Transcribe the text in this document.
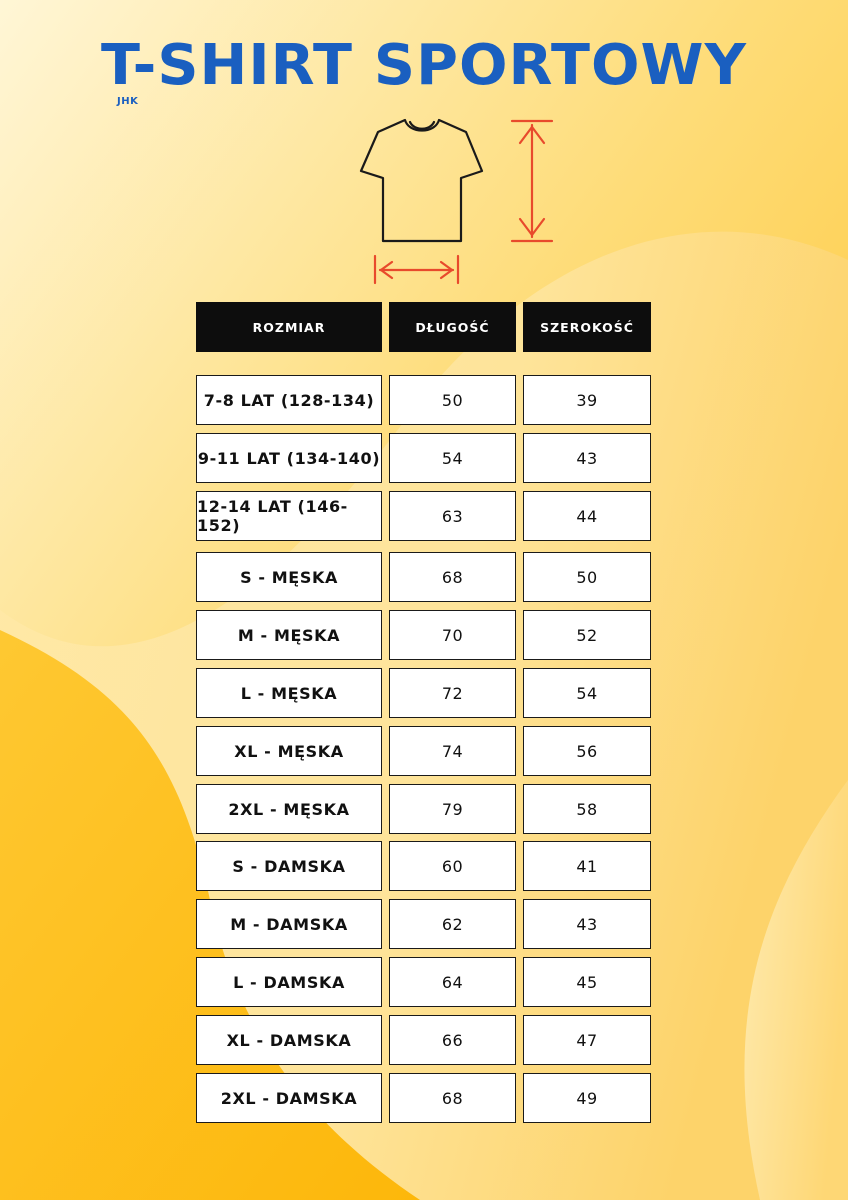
T-SHIRT SPORTOWY
JHK
ROZMIAR	DŁUGOŚĆ	SZEROKOŚĆ
7-8 LAT (128-134)	50	39
9-11 LAT (134-140)	54	43
12-14 LAT (146-152)	63	44
S - MĘSKA	68	50
M - MĘSKA	70	52
L - MĘSKA	72	54
XL - MĘSKA	74	56
2XL - MĘSKA	79	58
S - DAMSKA	60	41
M - DAMSKA	62	43
L - DAMSKA	64	45
XL - DAMSKA	66	47
2XL - DAMSKA	68	49
